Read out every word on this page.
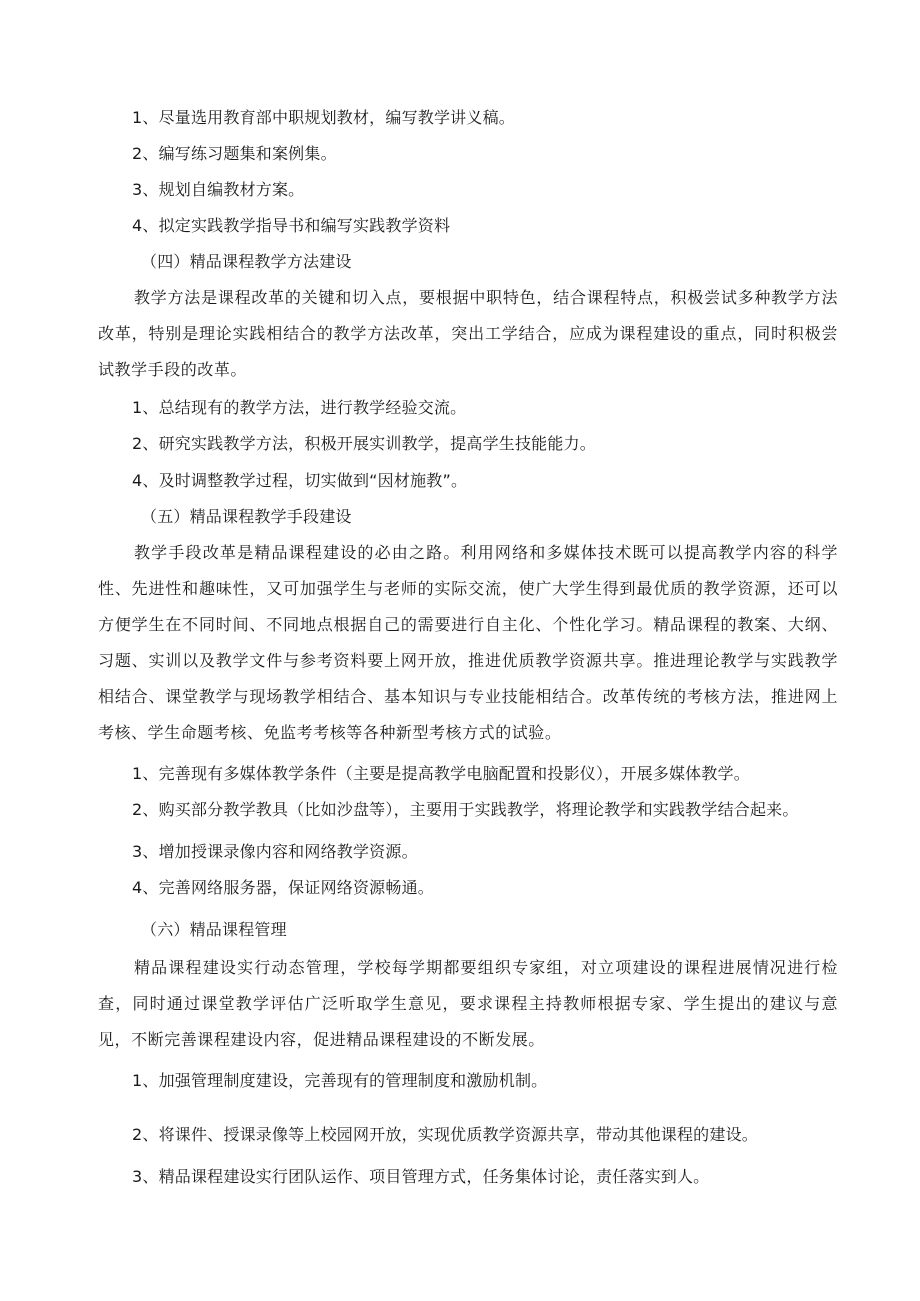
1、尽量选用教育部中职规划教材，编写教学讲义稿。
2、编写练习题集和案例集。
3、规划自编教材方案。
4、拟定实践教学指导书和编写实践教学资料
（四）精品课程教学方法建设
教学方法是课程改革的关键和切入点，要根据中职特色，结合课程特点，积极尝试多种教学方法改革，特别是理论实践相结合的教学方法改革，突出工学结合，应成为课程建设的重点，同时积极尝试教学手段的改革。
1、总结现有的教学方法，进行教学经验交流。
2、研究实践教学方法，积极开展实训教学，提高学生技能能力。
4、及时调整教学过程，切实做到“因材施教”。
（五）精品课程教学手段建设
教学手段改革是精品课程建设的必由之路。利用网络和多媒体技术既可以提高教学内容的科学性、先进性和趣味性，又可加强学生与老师的实际交流，使广大学生得到最优质的教学资源，还可以方便学生在不同时间、不同地点根据自己的需要进行自主化、个性化学习。精品课程的教案、大纲、习题、实训以及教学文件与参考资料要上网开放，推进优质教学资源共享。推进理论教学与实践教学相结合、课堂教学与现场教学相结合、基本知识与专业技能相结合。改革传统的考核方法，推进网上考核、学生命题考核、免监考考核等各种新型考核方式的试验。
1、完善现有多媒体教学条件（主要是提高教学电脑配置和投影仪），开展多媒体教学。
2、购买部分教学教具（比如沙盘等），主要用于实践教学，将理论教学和实践教学结合起来。
3、增加授课录像内容和网络教学资源。
4、完善网络服务器，保证网络资源畅通。
（六）精品课程管理
精品课程建设实行动态管理，学校每学期都要组织专家组，对立项建设的课程进展情况进行检查，同时通过课堂教学评估广泛听取学生意见，要求课程主持教师根据专家、学生提出的建议与意见，不断完善课程建设内容，促进精品课程建设的不断发展。
1、加强管理制度建设，完善现有的管理制度和激励机制。
2、将课件、授课录像等上校园网开放，实现优质教学资源共享，带动其他课程的建设。
3、精品课程建设实行团队运作、项目管理方式，任务集体讨论，责任落实到人。
